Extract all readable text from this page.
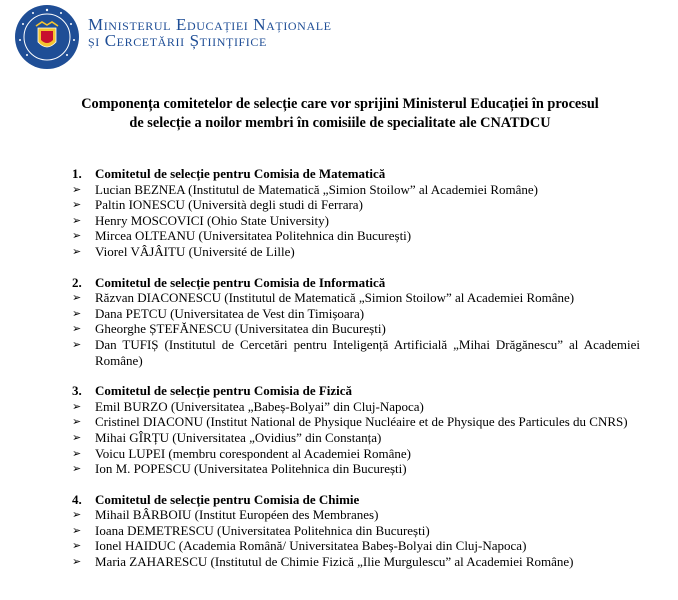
Ministerul Educației Naționale
și Cercetării Științifice
Componența comitetelor de selecție care vor sprijini Ministerul Educației în procesul
de selecție a noilor membri în comisiile de specialitate ale CNATDCU
1.	Comitetul de selecție pentru Comisia de Matematică
➢	Lucian BEZNEA (Institutul de Matematică „Simion Stoilow” al Academiei Române)
➢	Paltin IONESCU (Università degli studi di Ferrara)
➢	Henry MOSCOVICI (Ohio State University)
➢	Mircea OLTEANU (Universitatea Politehnica din București)
➢	Viorel VÂJÂITU (Université de Lille)
2.	Comitetul de selecție pentru Comisia de Informatică
➢	Răzvan DIACONESCU (Institutul de Matematică „Simion Stoilow” al Academiei Române)
➢	Dana PETCU (Universitatea de Vest din Timișoara)
➢	Gheorghe ȘTEFĂNESCU (Universitatea din București)
➢	Dan TUFIȘ (Institutul de Cercetări pentru Inteligență Artificială „Mihai Drăgănescu” al Academiei Române)
3.	Comitetul de selecție pentru Comisia de Fizică
➢	Emil BURZO (Universitatea „Babeș-Bolyai” din Cluj-Napoca)
➢	Cristinel DIACONU (Institut National de Physique Nucléaire et de Physique des Particules du CNRS)
➢	Mihai GÎRȚU (Universitatea „Ovidius” din Constanța)
➢	Voicu LUPEI (membru corespondent al Academiei Române)
➢	Ion M. POPESCU (Universitatea Politehnica din București)
4.	Comitetul de selecție pentru Comisia de Chimie
➢	Mihail BÂRBOIU (Institut Européen des Membranes)
➢	Ioana DEMETRESCU (Universitatea Politehnica din București)
➢	Ionel HAIDUC (Academia Română/ Universitatea Babeș-Bolyai din Cluj-Napoca)
➢	Maria ZAHARESCU (Institutul de Chimie Fizică „Ilie Murgulescu” al Academiei Române)
